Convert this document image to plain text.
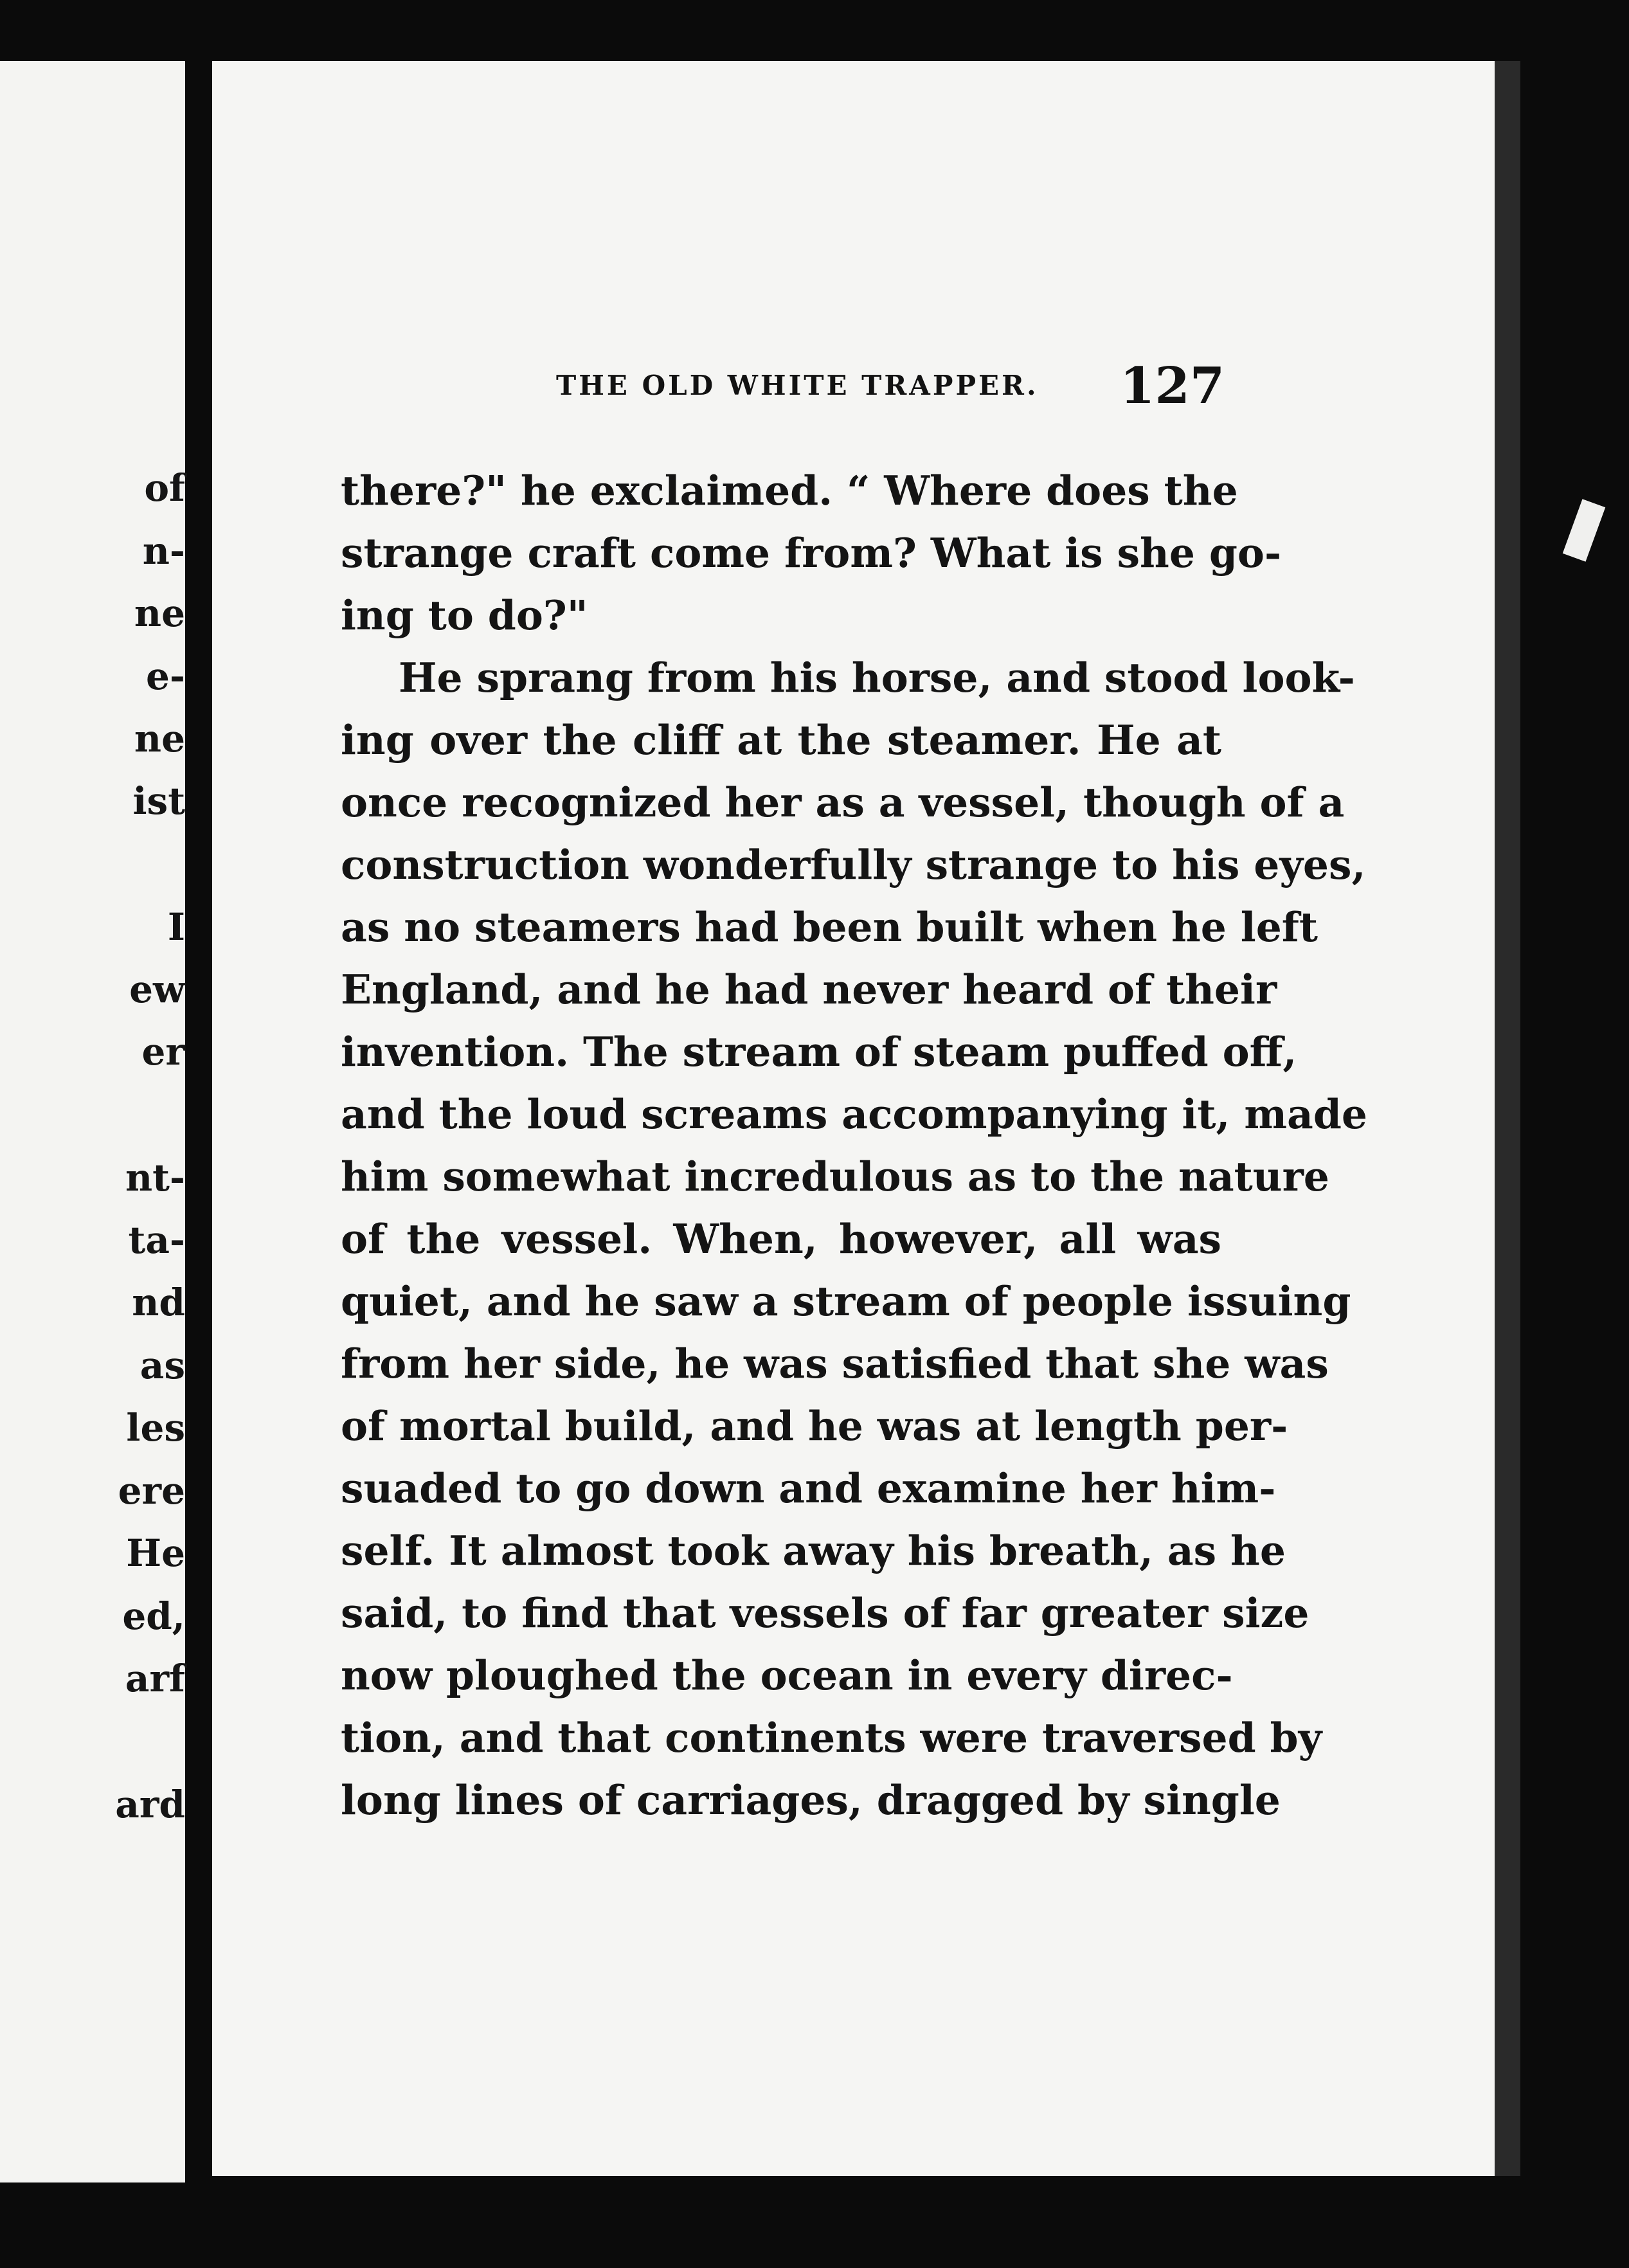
of
n-
ne
e-
ne
ist
I
ew
er
nt-
ta-
nd
as
les
ere
He
ed,
arf
ard
THE OLD WHITE TRAPPER. 127
there?" he exclaimed. “ Where does the
strange craft come from? What is she go-
ing to do?"
He sprang from his horse, and stood look-
ing over the cliff at the steamer. He at
once recognized her as a vessel, though of a
construction wonderfully strange to his eyes,
as no steamers had been built when he left
England, and he had never heard of their
invention. The stream of steam puffed off,
and the loud screams accompanying it, made
him somewhat incredulous as to the nature
of the vessel. When, however, all was
quiet, and he saw a stream of people issuing
from her side, he was satisfied that she was
of mortal build, and he was at length per-
suaded to go down and examine her him-
self. It almost took away his breath, as he
said, to find that vessels of far greater size
now ploughed the ocean in every direc-
tion, and that continents were traversed by
long lines of carriages, dragged by single
